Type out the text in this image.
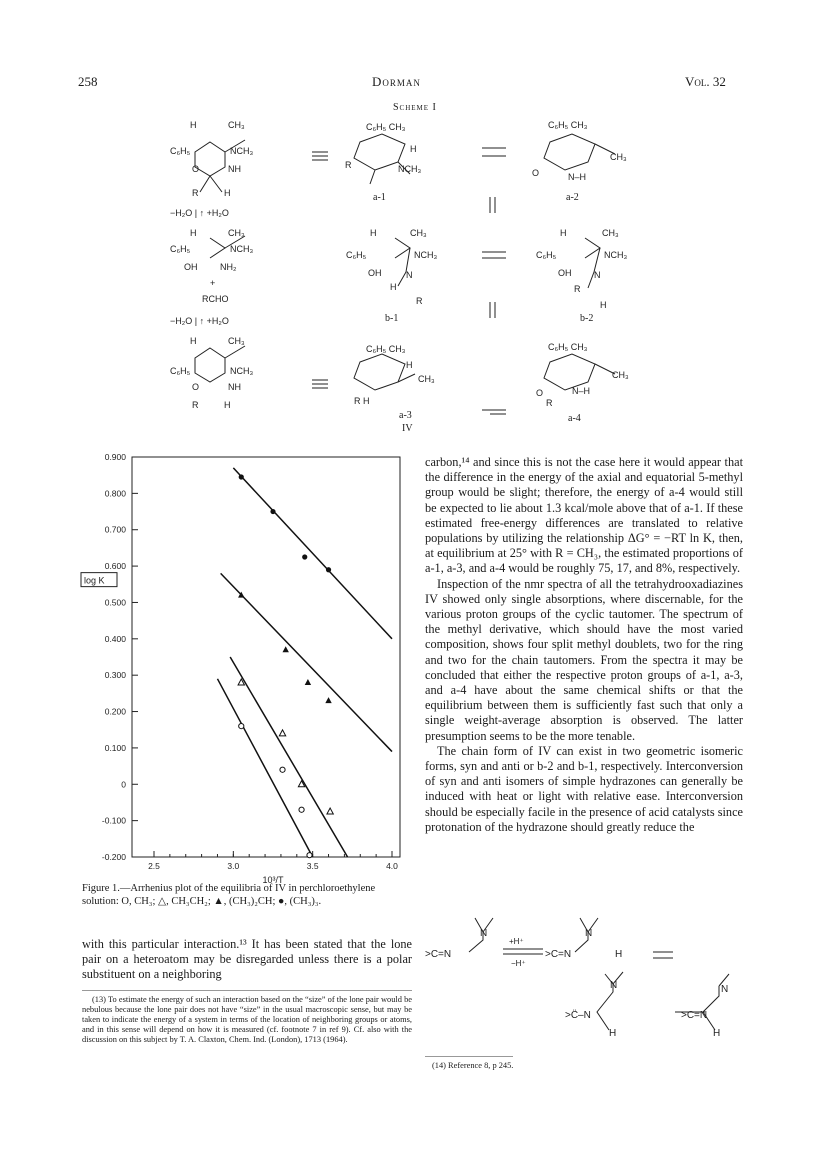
258	Dorman	Vol. 32
Scheme I
H	CH₃
C₆H₅	NCH₃
O	NH
R	H
−H₂O | ↑ +H₂O
H	CH₃
C₆H₅	NCH₃
OH	NH₂
+
RCHO
−H₂O | ↑ +H₂O
H	CH₃
C₆H₅	NCH₃
O	NH
R	H
C₆H₅ CH₃
H
R	NCH₃
C₆H₅ CH₃
CH₃
O	N–H
H	CH₃
C₆H₅	NCH₃
OH	N
H
R
H	CH₃
C₆H₅	NCH₃
OH	N
R
H
C₆H₅ CH₃
H
CH₃
R H
C₆H₅ CH₃
CH₃
O	N–H
R
a-1	a-2
b-1	b-2
a-3	a-4
IV
0.900
0.800
0.700
0.600
0.500
0.400
0.300
0.200
0.100
0
-0.100
-0.200
2.5	3.0	3.5	4.0
log K
10³/T
Figure 1.—Arrhenius plot of the equilibria of IV in perchloroethylene solution: O, CH₃; △, CH₃CH₂; ▲, (CH₃)₂CH; ●, (CH₃)₃.

with this particular interaction.¹³ It has been stated that the lone pair on a heteroatom may be disregarded unless there is a polar substituent on a neighboring

(13) To estimate the energy of such an interaction based on the “size” of the lone pair would be nebulous because the lone pair does not have “size” in the usual macroscopic sense, but may be taken to indicate the energy of a system in terms of the location of neighboring groups or atoms, and in this sense will depend on how it is measured (cf. footnote 7 in ref 9). Cf. also with the discussion on this subject by T. A. Claxton, Chem. Ind. (London), 1713 (1964).

carbon,¹⁴ and since this is not the case here it would appear that the difference in the energy of the axial and equatorial 5-methyl group would be slight; therefore, the energy of a-4 would still be expected to lie about 1.3 kcal/mole above that of a-1. If these estimated free-energy differences are translated to relative populations by utilizing the relationship ΔG° = −RT ln K, then, at equilibrium at 25° with R = CH₃, the estimated proportions of a-1, a-3, and a-4 would be roughly 75, 17, and 8%, respectively.

Inspection of the nmr spectra of all the tetrahydrooxadiazines IV showed only single absorptions, where discernable, for the various proton groups of the cyclic tautomer. The spectrum of the methyl derivative, which should have the most varied composition, shows four split methyl doublets, two for the ring and two for the chain tautomers. From the spectra it may be concluded that either the respective proton groups of a-1, a-3, and a-4 have about the same chemical shifts or that the equilibrium between them is sufficiently fast such that only a single weight-average absorption is observed. The latter presumption seems to be the more tenable.

The chain form of IV can exist in two geometric isomeric forms, syn and anti or b-2 and b-1, respectively. Interconversion of syn and anti isomers of simple hydrazones can generally be induced with heat or light with relative ease. Interconversion should be especially facile in the presence of acid catalysts since protonation of the hydrazone should greatly reduce the

N
>C=N	>C=N
N
H
N
>C̈–N
H
>C=N
N
H
+H⁺
−H⁺
(14) Reference 8, p 245.
